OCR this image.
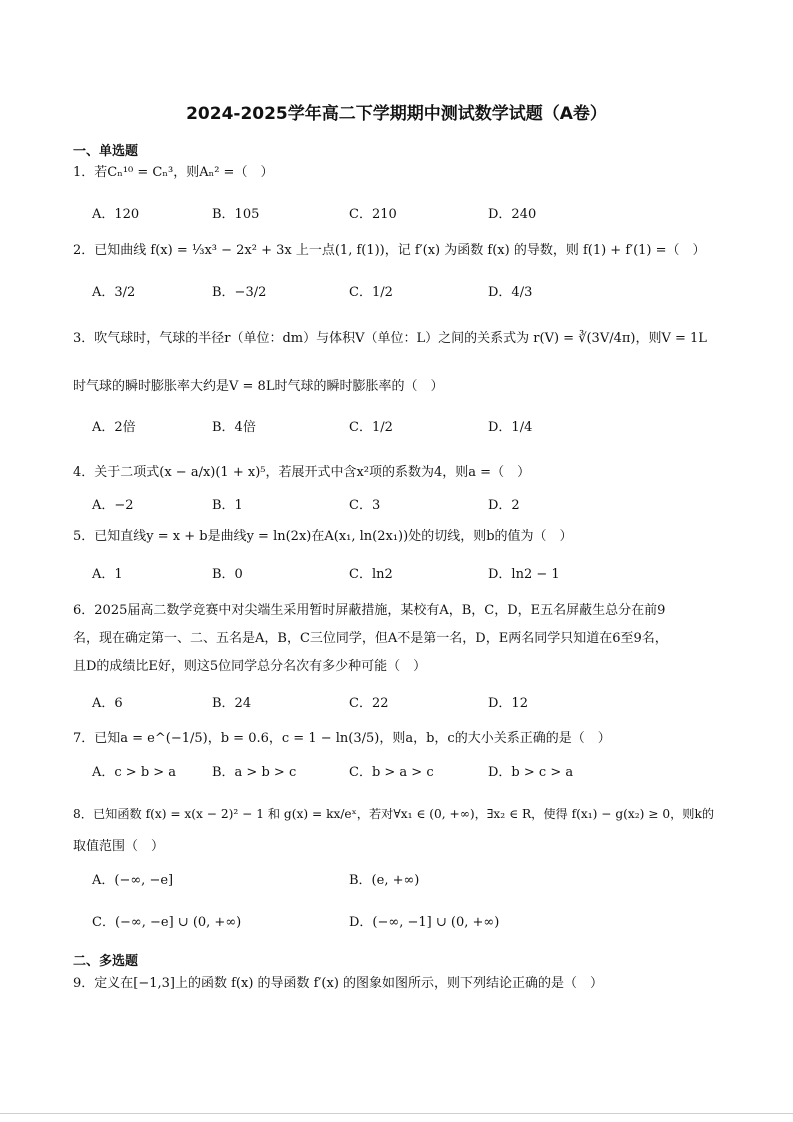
2024-2025学年高二下学期期中测试数学试题（A卷）
一、单选题
1．若Cₙ¹⁰ = Cₙ³，则Aₙ² =（　）
A．120	B．105	C．210	D．240
2．已知曲线 f(x) = ⅓x³ − 2x² + 3x 上一点(1, f(1))，记 f′(x) 为函数 f(x) 的导数，则 f(1) + f′(1) =（　）
A．3/2	B．−3/2	C．1/2	D．4/3
3．吹气球时，气球的半径r（单位：dm）与体积V（单位：L）之间的关系式为 r(V) = ∛(3V/4π)，则V = 1L
时气球的瞬时膨胀率大约是V = 8L时气球的瞬时膨胀率的（　）
A．2倍	B．4倍	C．1/2	D．1/4
4．关于二项式(x − a/x)(1 + x)⁵，若展开式中含x²项的系数为4，则a =（　）
A．−2	B．1	C．3	D．2
5．已知直线y = x + b是曲线y = ln(2x)在A(x₁, ln(2x₁))处的切线，则b的值为（　）
A．1	B．0	C．ln2	D．ln2 − 1
6．2025届高二数学竞赛中对尖端生采用暂时屏蔽措施，某校有A，B，C，D，E五名屏蔽生总分在前9
名，现在确定第一、二、五名是A，B，C三位同学，但A不是第一名，D，E两名同学只知道在6至9名，
且D的成绩比E好，则这5位同学总分名次有多少种可能（　）
A．6	B．24	C．22	D．12
7．已知a = e^(−1/5)，b = 0.6，c = 1 − ln(3/5)，则a，b，c的大小关系正确的是（　）
A．c > b > a	B．a > b > c	C．b > a > c	D．b > c > a
8．已知函数 f(x) = x(x − 2)² − 1 和 g(x) = kx/eˣ，若对∀x₁ ∈ (0, +∞)，∃x₂ ∈ R，使得 f(x₁) − g(x₂) ≥ 0，则k的
取值范围（　）
A．(−∞, −e]	B．(e, +∞)
C．(−∞, −e] ∪ (0, +∞)	D．(−∞, −1] ∪ (0, +∞)
二、多选题
9．定义在[−1,3]上的函数 f(x) 的导函数 f′(x) 的图象如图所示，则下列结论正确的是（　）
